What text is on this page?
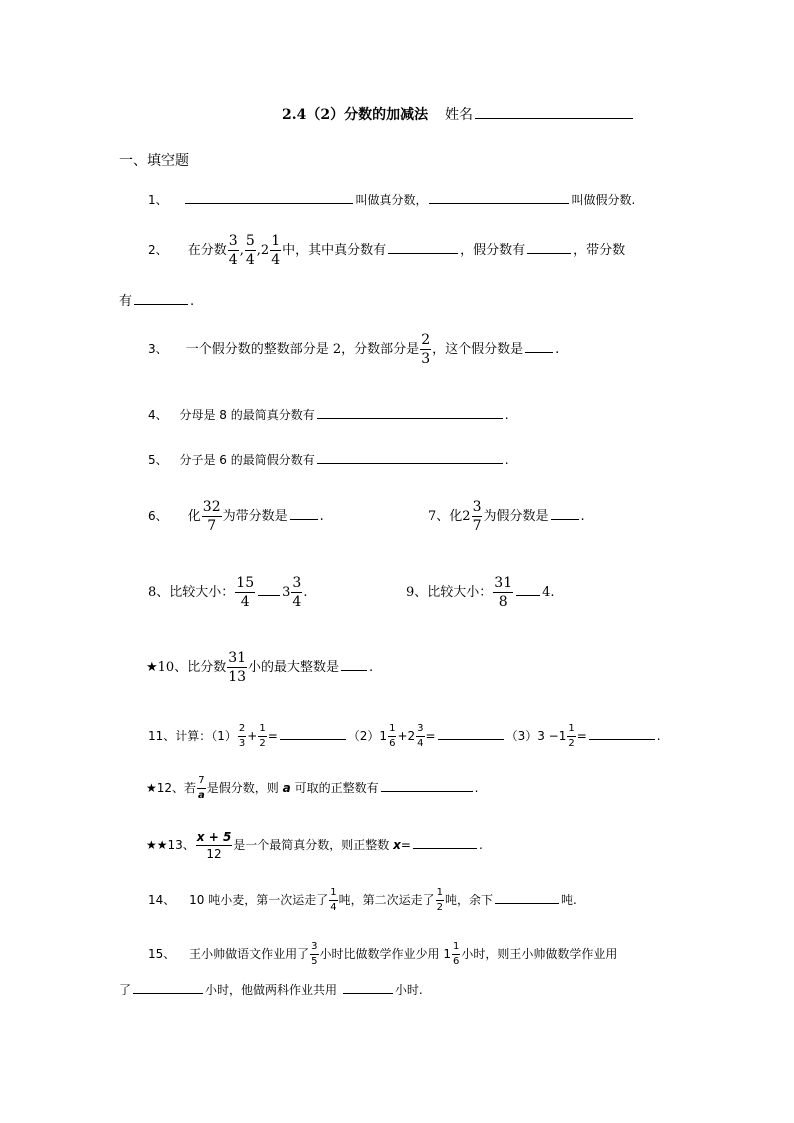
2.4（2）分数的加减法 姓名
一、填空题
1、	叫做真分数，	叫做假分数.
2、 在分数 $\frac{3}{4}$ , $\frac{5}{4} ,2 \frac{1}{4}$ 中，其中真分数有	，假分数有	，带分数
有	.
3、 一个假分数的整数部分是 2，分数部分是 $\frac{2}{3}$ ，这个假分数是 .
4、 分母是 8 的最简真分数有	.
5、 分子是 6 的最简假分数有	.
6、 化 $\frac{32}{7}$ 为带分数是 .	7、化$2 \frac{3}{7}$ 为假分数是 .
8、比较大小： $\frac{15}{4} 3 \frac{3}{4}$ .	9、比较大小： $\frac{31}{8} 4$.
★10、比分数 $\frac{31}{13}$ 小的最大整数是 .
11、计算：$(1) \frac{2}{3} + \frac{1}{2}$ =	$(2)1 \frac{1}{6} +2 \frac{3}{4}$ =	$(3)3 -1 \frac{1}{2}$ =	.
★12、若 $\frac{7}{a}$ 是假分数，则 a 可取的正整数有	.
★★13、 $\frac{x + 5}{12}$ 是一个最简真分数，则正整数 x=	.
14、 10 吨小麦，第一次运走了 $\frac{1}{4}$ 吨，第二次运走了 $\frac{1}{2}$ 吨，余下	吨.
15、 王小帅做语文作业用了 $\frac{3}{5}$ 小时比做数学作业少用 $1 \frac{1}{6}$ 小时，则王小帅做数学作业用
了	小时，他做两科作业共用	小时.
